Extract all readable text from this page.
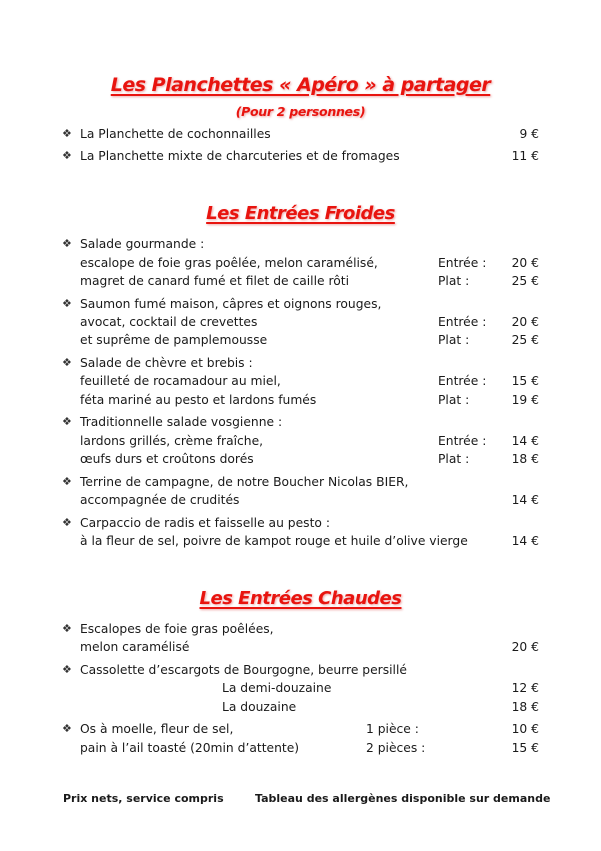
Les Planchettes « Apéro » à partager
(Pour 2 personnes)
❖ La Planchette de cochonnailles	9 €
❖ La Planchette mixte de charcuteries et de fromages	11 €
Les Entrées Froides
❖ Salade gourmande :
escalope de foie gras poêlée, melon caramélisé,	Entrée : 20 €
magret de canard fumé et filet de caille rôti	Plat :	25 €
❖ Saumon fumé maison, câpres et oignons rouges,
avocat, cocktail de crevettes	Entrée : 20 €
et suprême de pamplemousse	Plat :	25 €
❖ Salade de chèvre et brebis :
feuilleté de rocamadour au miel,	Entrée : 15 €
féta mariné au pesto et lardons fumés	Plat :	19 €
❖ Traditionnelle salade vosgienne :
lardons grillés, crème fraîche,	Entrée : 14 €
œufs durs et croûtons dorés	Plat :	18 €
❖ Terrine de campagne, de notre Boucher Nicolas BIER,
accompagnée de crudités	14 €
❖ Carpaccio de radis et faisselle au pesto :
à la fleur de sel, poivre de kampot rouge et huile d’olive vierge	14 €
Les Entrées Chaudes
❖ Escalopes de foie gras poêlées,
melon caramélisé	20 €
❖ Cassolette d’escargots de Bourgogne, beurre persillé
La demi-douzaine	12 €
La douzaine	18 €
❖ Os à moelle, fleur de sel,	1 pièce :	10 €
pain à l’ail toasté (20min d’attente)	2 pièces :	15 €
Prix nets, service compris	Tableau des allergènes disponible sur demande
